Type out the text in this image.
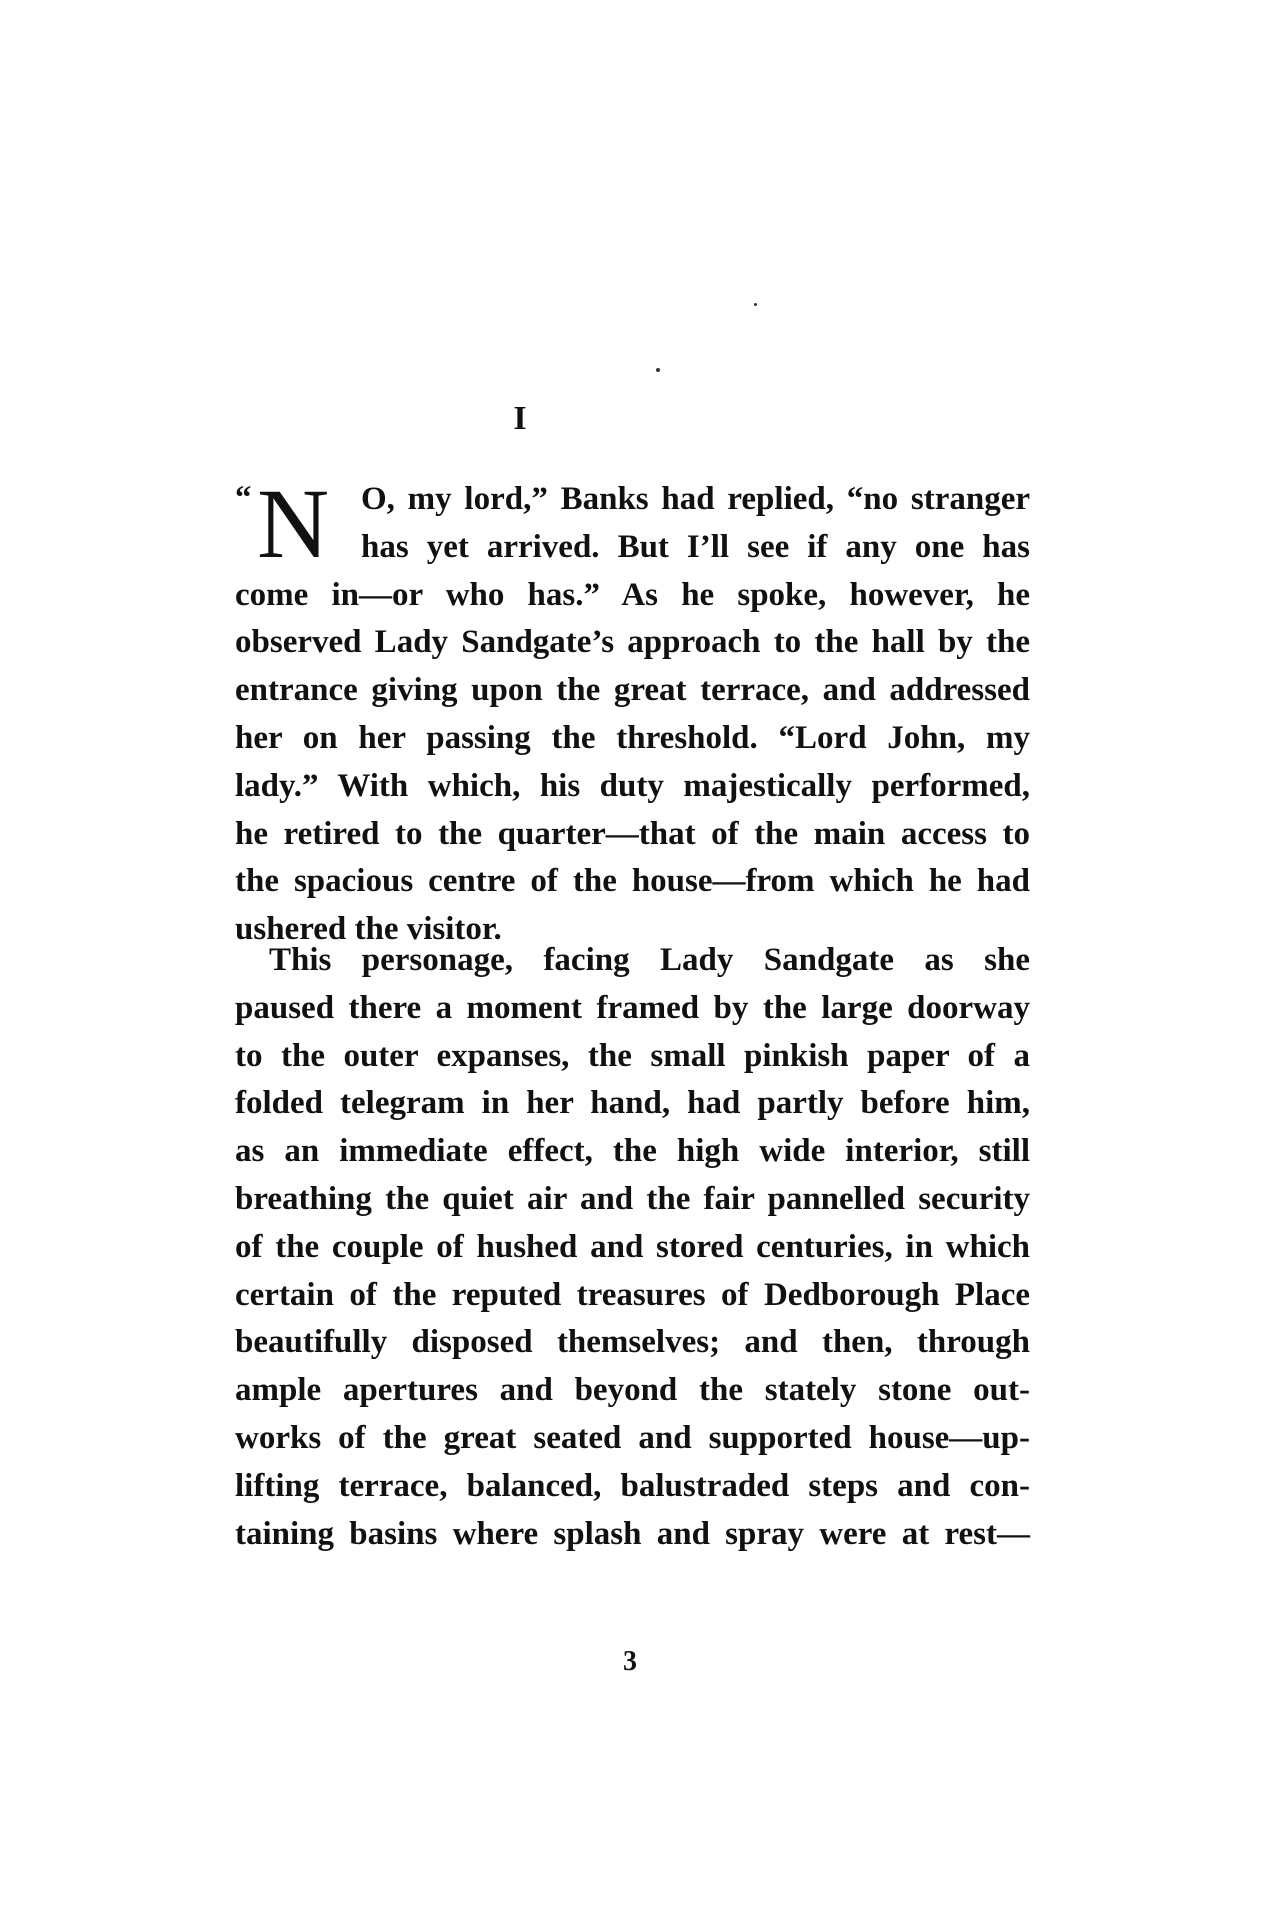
I
“ N O, my lord,” Banks had replied, “no stranger
has yet arrived. But I’ll see if any one has
come in—or who has.” As he spoke, however, he
observed Lady Sandgate’s approach to the hall by the
entrance giving upon the great terrace, and addressed
her on her passing the threshold. “Lord John, my
lady.” With which, his duty majestically performed,
he retired to the quarter—that of the main access to
the spacious centre of the house—from which he had
ushered the visitor.

This personage, facing Lady Sandgate as she
paused there a moment framed by the large doorway
to the outer expanses, the small pinkish paper of a
folded telegram in her hand, had partly before him,
as an immediate effect, the high wide interior, still
breathing the quiet air and the fair pannelled security
of the couple of hushed and stored centuries, in which
certain of the reputed treasures of Dedborough Place
beautifully disposed themselves; and then, through
ample apertures and beyond the stately stone out-
works of the great seated and supported house—up-
lifting terrace, balanced, balustraded steps and con-
taining basins where splash and spray were at rest—
3
